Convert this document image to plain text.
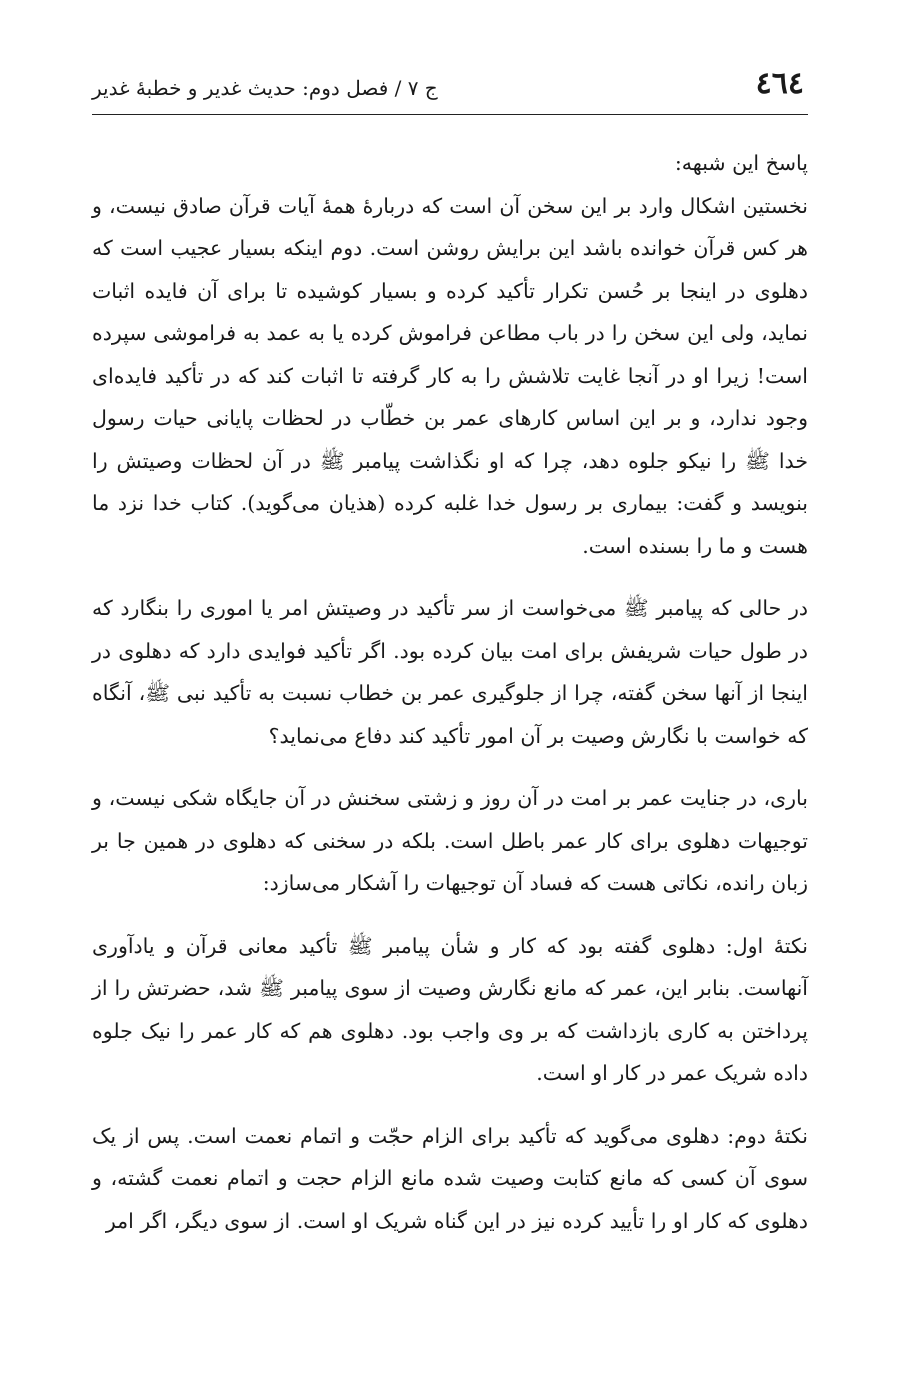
٤٦٤
ج ٧ / فصل دوم: حديث غدير و خطبهٔ غدير

پاسخ این شبهه:

نخستین اشکال وارد بر این سخن آن است که دربارهٔ همهٔ آیات قرآن صادق نیست، و هر کس قرآن خوانده باشد این برایش روشن است. دوم اینکه بسیار عجیب است که دهلوی در اینجا بر حُسن تکرار تأکید کرده و بسیار کوشیده تا برای آن فایده اثبات نماید، ولی این سخن را در باب مطاعن فراموش کرده یا به عمد به فراموشی سپرده است! زیرا او در آنجا غایت تلاشش را به کار گرفته تا اثبات کند که در تأکید فایده‌ای وجود ندارد، و بر این اساس کارهای عمر بن خطّاب در لحظات پایانی حیات رسول خدا ﷺ را نیکو جلوه دهد، چرا که او نگذاشت پیامبر ﷺ در آن لحظات وصیتش را بنویسد و گفت: بیماری بر رسول خدا غلبه کرده (هذیان می‌گوید). کتاب خدا نزد ما هست و ما را بسنده است.

در حالی که پیامبر ﷺ می‌خواست از سر تأکید در وصیتش امر یا اموری را بنگارد که در طول حیات شریفش برای امت بیان کرده بود. اگر تأکید فوایدی دارد که دهلوی در اینجا از آنها سخن گفته، چرا از جلوگیری عمر بن خطاب نسبت به تأکید نبی ﷺ، آنگاه که خواست با نگارش وصیت بر آن امور تأکید کند دفاع می‌نماید؟

باری، در جنایت عمر بر امت در آن روز و زشتی سخنش در آن جایگاه شکی نیست، و توجیهات دهلوی برای کار عمر باطل است. بلکه در سخنی که دهلوی در همین جا بر زبان رانده، نکاتی هست که فساد آن توجیهات را آشکار می‌سازد:

نکتهٔ اول: دهلوی گفته بود که کار و شأن پیامبر ﷺ تأکید معانی قرآن و یادآوری آنهاست. بنابر این، عمر که مانع نگارش وصیت از سوی پیامبر ﷺ شد، حضرتش را از پرداختن به کاری بازداشت که بر وی واجب بود. دهلوی هم که کار عمر را نیک جلوه داده شریک عمر در کار او است.

نکتهٔ دوم: دهلوی می‌گوید که تأکید برای الزام حجّت و اتمام نعمت است. پس از یک سوی آن کسی که مانع کتابت وصیت شده مانع الزام حجت و اتمام نعمت گشته، و دهلوی که کار او را تأیید کرده نیز در این گناه شریک او است. از سوی دیگر، اگر امر
